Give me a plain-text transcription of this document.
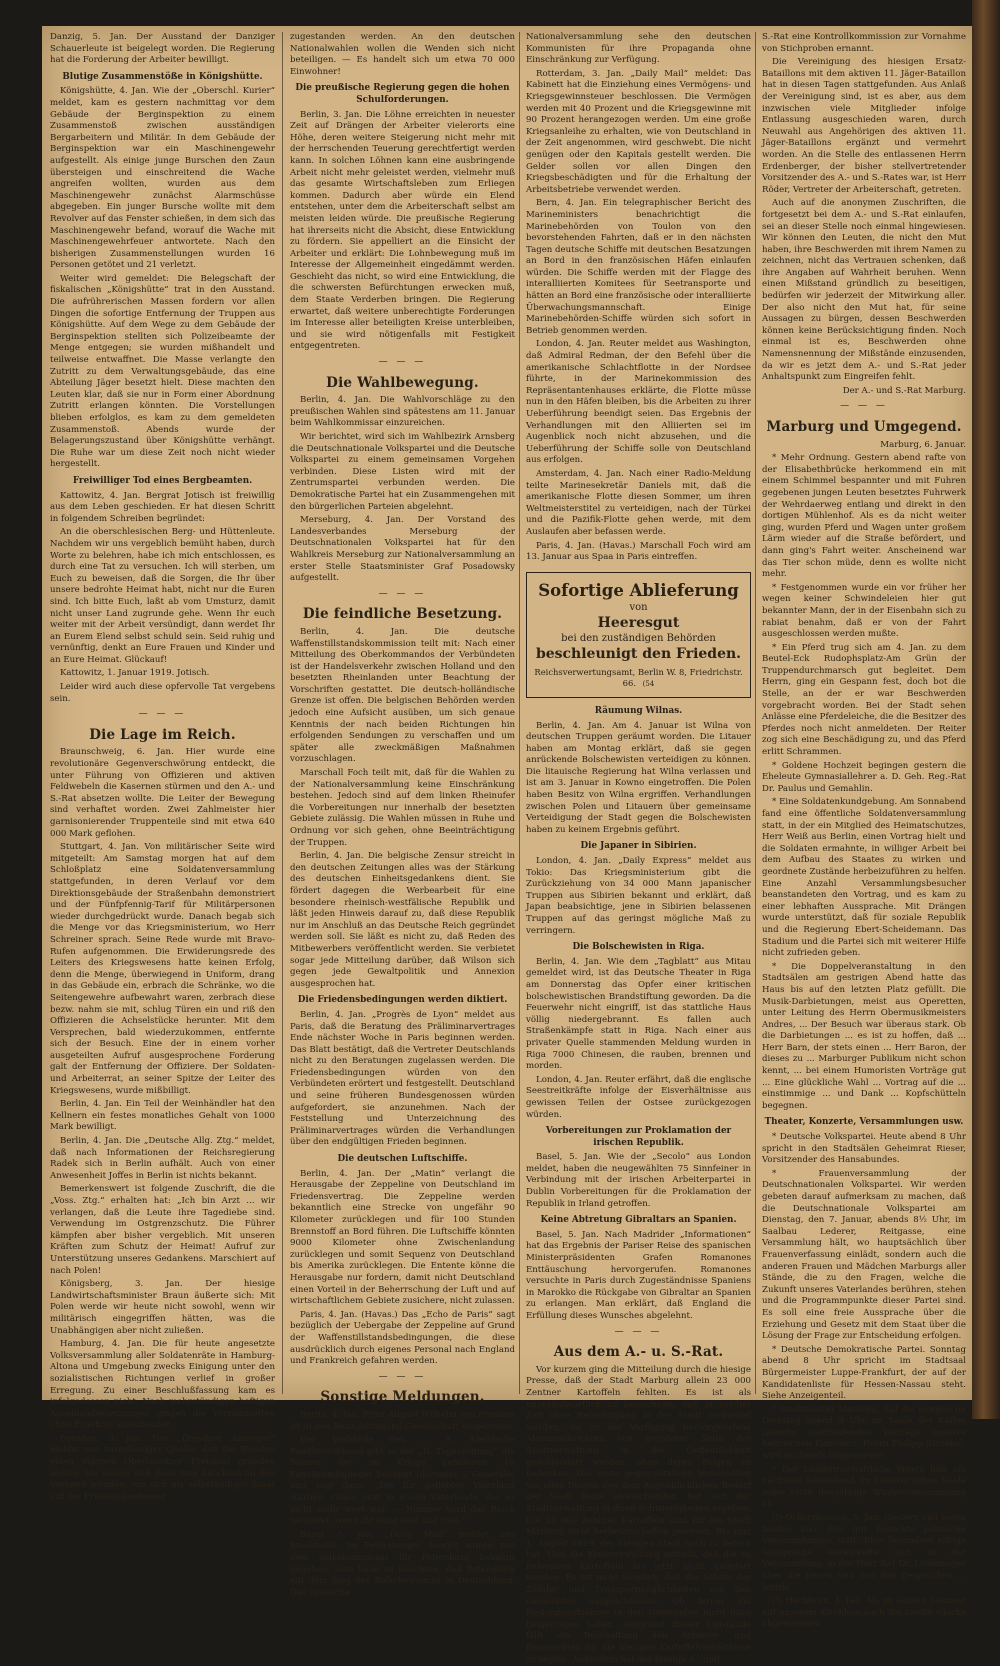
Danzig, 5. Jan. Der Ausstand der Danziger Schauerleute ist beigelegt worden. Die Regierung hat die Forderung der Arbeiter bewilligt.

Blutige Zusammenstöße in Königshütte.

Königshütte, 4. Jan. Wie der „Oberschl. Kurier“ meldet, kam es gestern nachmittag vor dem Gebäude der Berginspektion zu einem Zusammenstoß zwischen ausständigen Bergarbeitern und Militär. In dem Gebäude der Berginspektion war ein Maschinengewehr aufgestellt. Als einige junge Burschen den Zaun übersteigen und einschreitend die Wache angreifen wollten, wurden aus dem Maschinengewehr zunächst Alarmschüsse abgegeben. Ein junger Bursche wollte mit dem Revolver auf das Fenster schießen, in dem sich das Maschinengewehr befand, worauf die Wache mit Maschinengewehrfeuer antwortete. Nach den bisherigen Zusammenstellungen wurden 16 Personen getötet und 21 verletzt.

Weiter wird gemeldet: Die Belegschaft der fiskalischen „Königshütte“ trat in den Ausstand. Die aufrührerischen Massen fordern vor allen Dingen die sofortige Entfernung der Truppen aus Königshütte. Auf dem Wege zu dem Gebäude der Berginspektion stellten sich Polizeibeamte der Menge entgegen; sie wurden mißhandelt und teilweise entwaffnet. Die Masse verlangte den Zutritt zu dem Verwaltungsgebäude, das eine Abteilung Jäger besetzt hielt. Diese machten den Leuten klar, daß sie nur in Form einer Abordnung Zutritt erlangen könnten. Die Vorstellungen blieben erfolglos, es kam zu dem gemeldeten Zusammenstoß. Abends wurde der Belagerungszustand über Königshütte verhängt. Die Ruhe war um diese Zeit noch nicht wieder hergestellt.

Freiwilliger Tod eines Bergbeamten.

Kattowitz, 4. Jan. Bergrat Jotisch ist freiwillig aus dem Leben geschieden. Er hat diesen Schritt in folgendem Schreiben begründet:

An die oberschlesischen Berg- und Hüttenleute. Nachdem wir uns vergeblich bemüht haben, durch Worte zu belehren, habe ich mich entschlossen, es durch eine Tat zu versuchen. Ich will sterben, um Euch zu beweisen, daß die Sorgen, die Ihr über unsere bedrohte Heimat habt, nicht nur die Euren sind. Ich bitte Euch, laßt ab vom Umsturz, damit nicht unser Land zugrunde gehe. Wenn Ihr euch weiter mit der Arbeit versündigt, dann werdet Ihr an Eurem Elend selbst schuld sein. Seid ruhig und vernünftig, denkt an Eure Frauen und Kinder und an Eure Heimat. Glückauf!

Kattowitz, 1. Januar 1919. Jotisch.

Leider wird auch diese opfervolle Tat vergebens sein.

— — —
Die Lage im Reich.

Braunschweig, 6. Jan. Hier wurde eine revolutionäre Gegenverschwörung entdeckt, die unter Führung von Offizieren und aktiven Feldwebeln die Kasernen stürmen und den A.- und S.-Rat absetzen wollte. Die Leiter der Bewegung sind verhaftet worden. Zwei Zahlmeister hier garnisonierender Truppenteile sind mit etwa 640 000 Mark geflohen.

Stuttgart, 4. Jan. Von militärischer Seite wird mitgeteilt: Am Samstag morgen hat auf dem Schloßplatz eine Soldatenversammlung stattgefunden, in deren Verlauf vor dem Direktionsgebäude der Straßenbahn demonstriert und der Fünfpfennig-Tarif für Militärpersonen wieder durchgedrückt wurde. Danach begab sich die Menge vor das Kriegsministerium, wo Herr Schreiner sprach. Seine Rede wurde mit Bravo-Rufen aufgenommen. Die Erwiderungsrede des Leiters des Kriegswesens hatte keinen Erfolg, denn die Menge, überwiegend in Uniform, drang in das Gebäude ein, erbrach die Schränke, wo die Seitengewehre aufbewahrt waren, zerbrach diese bezw. nahm sie mit, schlug Türen ein und riß den Offizieren die Achselstücke herunter. Mit dem Versprechen, bald wiederzukommen, entfernte sich der Besuch. Eine der in einem vorher ausgeteilten Aufruf ausgesprochene Forderung galt der Entfernung der Offiziere. Der Soldaten- und Arbeiterrat, an seiner Spitze der Leiter des Kriegswesens, wurde mißbilligt.

Berlin, 4. Jan. Ein Teil der Weinhändler hat den Kellnern ein festes monatliches Gehalt von 1000 Mark bewilligt.

Berlin, 4. Jan. Die „Deutsche Allg. Ztg.“ meldet, daß nach Informationen der Reichsregierung Radek sich in Berlin aufhält. Auch von einer Anwesenheit Joffes in Berlin ist nichts bekannt.

Bemerkenswert ist folgende Zuschrift, die die „Voss. Ztg.“ erhalten hat: „Ich bin Arzt ... wir verlangen, daß die Leute ihre Tagediebe sind. Verwendung im Ostgrenzschutz. Die Führer kämpfen aber bisher vergeblich. Mit unseren Kräften zum Schutz der Heimat! Aufruf zur Unterstützung unseres Gedankens. Marschiert auf nach Polen!

Königsberg, 3. Jan. Der hiesige Landwirtschaftsminister Braun äußerte sich: Mit Polen werde wir heute nicht sowohl, wenn wir militärisch eingegriffen hätten, was die Unabhängigen aber nicht zuließen.

Hamburg, 4. Jan. Die für heute angesetzte Volksversammlung aller Soldatenräte in Hamburg-Altona und Umgebung zwecks Einigung unter den sozialistischen Richtungen verlief in großer Erregung. Zu einer Beschlußfassung kam es infolgedessen nicht. Nach mehrstündigen heftigen Auseinandersetzungen gingen die Versammelten ohne Ergebnis auseinander.

Dresden, 3. Jan. Der „Dresdner Anzeiger“ meldet aus zuverlässiger Quelle, daß die Wenden einen eigenen Oberlausitzer Freistaat gründen wollen. Sie wollen sich dann zum Anschluß an den Verband wenden, um sich als selbständiger Staat auf der Friedenskonferenz

zugestanden werden. An den deutschen Nationalwahlen wollen die Wenden sich nicht beteiligen. — Es handelt sich um etwa 70 000 Einwohner!

Die preußische Regierung gegen die hohen Schulforderungen.

Berlin, 3. Jan. Die Löhne erreichten in neuester Zeit auf Drängen der Arbeiter vielerorts eine Höhe, deren weitere Steigerung nicht mehr mit der herrschenden Teuerung gerechtfertigt werden kann. In solchen Löhnen kann eine ausbringende Arbeit nicht mehr geleistet werden, vielmehr muß das gesamte Wirtschaftsleben zum Erliegen kommen. Dadurch aber würde ein Elend entstehen, unter dem die Arbeiterschaft selbst am meisten leiden würde. Die preußische Regierung hat ihrerseits nicht die Absicht, diese Entwicklung zu fördern. Sie appelliert an die Einsicht der Arbeiter und erklärt: Die Lohnbewegung muß im Interesse der Allgemeinheit eingedämmt werden. Geschieht das nicht, so wird eine Entwicklung, die die schwersten Befürchtungen erwecken muß, dem Staate Verderben bringen. Die Regierung erwartet, daß weitere unberechtigte Forderungen im Interesse aller beteiligten Kreise unterbleiben, und sie wird nötigenfalls mit Festigkeit entgegentreten.

— — —
Die Wahlbewegung.

Berlin, 4. Jan. Die Wahlvorschläge zu den preußischen Wahlen sind spätestens am 11. Januar beim Wahlkommissar einzureichen.

Wir berichtet, wird sich im Wahlbezirk Arnsberg die Deutschnationale Volkspartei und die Deutsche Volkspartei zu einem gemeinsamen Vorgehen verbinden. Diese Listen wird mit der Zentrumspartei verbunden werden. Die Demokratische Partei hat ein Zusammengehen mit den bürgerlichen Parteien abgelehnt.

Merseburg, 4. Jan. Der Vorstand des Landesverbandes Merseburg der Deutschnationalen Volkspartei hat für den Wahlkreis Merseburg zur Nationalversammlung an erster Stelle Staatsminister Graf Posadowsky aufgestellt.

— — —
Die feindliche Besetzung.

Berlin, 4. Jan. Die deutsche Waffenstillstandskommission teilt mit: Nach einer Mitteilung des Oberkommandos der Verbündeten ist der Handelsverkehr zwischen Holland und den besetzten Rheinlanden unter Beachtung der Vorschriften gestattet. Die deutsch-holländische Grenze ist offen. Die belgischen Behörden werden jedoch eine Aufsicht ausüben, um sich genaue Kenntnis der nach beiden Richtungen hin erfolgenden Sendungen zu verschaffen und um später alle zweckmäßigen Maßnahmen vorzuschlagen.

Marschall Foch teilt mit, daß für die Wahlen zu der Nationalversammlung keine Einschränkung bestehen. Jedoch sind auf dem linken Rheinufer die Vorbereitungen nur innerhalb der besetzten Gebiete zulässig. Die Wahlen müssen in Ruhe und Ordnung vor sich gehen, ohne Beeinträchtigung der Truppen.

Berlin, 4. Jan. Die belgische Zensur streicht in den deutschen Zeitungen alles was der Stärkung des deutschen Einheitsgedankens dient. Sie fördert dagegen die Werbearbeit für eine besondere rheinisch-westfälische Republik und läßt jeden Hinweis darauf zu, daß diese Republik nur im Anschluß an das Deutsche Reich gegründet werden soll. Sie läßt es nicht zu, daß Reden des Mitbewerbers veröffentlicht werden. Sie verbietet sogar jede Mitteilung darüber, daß Wilson sich gegen jede Gewaltpolitik und Annexion ausgesprochen hat.

Die Friedensbedingungen werden diktiert.

Berlin, 4. Jan. „Progrès de Lyon“ meldet aus Paris, daß die Beratung des Präliminarvertrages Ende nächster Woche in Paris beginnen werden. Das Blatt bestätigt, daß die Vertreter Deutschlands nicht zu den Beratungen zugelassen werden. Die Friedensbedingungen würden von den Verbündeten erörtert und festgestellt. Deutschland und seine früheren Bundesgenossen würden aufgefordert, sie anzunehmen. Nach der Feststellung und Unterzeichnung des Präliminarvertrages würden die Verhandlungen über den endgültigen Frieden beginnen.

Die deutschen Luftschiffe.

Berlin, 4. Jan. Der „Matin“ verlangt die Herausgabe der Zeppeline von Deutschland im Friedensvertrag. Die Zeppeline werden bekanntlich eine Strecke von ungefähr 90 Kilometer zurücklegen und für 100 Stunden Brennstoff an Bord führen. Die Luftschiffe könnten 9000 Kilometer ohne Zwischenlandung zurücklegen und somit Sequenz von Deutschland bis Amerika zurücklegen. Die Entente könne die Herausgabe nur fordern, damit nicht Deutschland einen Vorteil in der Beherrschung der Luft und auf wirtschaftlichem Gebiete zusichere, nicht zulassen.

Paris, 4. Jan. (Havas.) Das „Echo de Paris“ sagt bezüglich der Uebergabe der Zeppeline auf Grund der Waffenstillstandsbedingungen, die diese ausdrücklich durch eigenes Personal nach England und Frankreich gefahren werden.

— — —
Sonstige Meldungen.

Berlin, 4. Jan. Prinz August Wilhelm von Preußen ist in den Benz-Automobil-Gesellschaft eingetreten.

Der Verbände des ... A. Kleistsche Familienverband gibt in der „D. Tageszeitung“ die Namen der im Kriege gefallenen 16 Familienmitglieder bekannt (darunter 2 Generäle) und sagt dazu: „Die für geliebtes Vaterland starben, ruhen jetzt in einem Vaterlande, das es nicht mehr wert war. — Nimmer wird das Reich zerstöret, wenn ihr einig seid und treu.“

Basel, 5. Jan. „Daily Mail“ meldet aus Stockholm: Im Petersburger Sowjet wurde von dem Volkskommissar für Petersburg bekannt gegeben, man habe zu beachten, daß Petersburg mit dem Sieg des Bolschewismus in Deutschland. Das russische

Nationalversammlung sehe den deutschen Kommunisten für ihre Propaganda ohne Einschränkung zur Verfügung.

Rotterdam, 3. Jan. „Daily Mail“ meldet: Das Kabinett hat die Einziehung eines Vermögens- und Kriegsgewinnsteuer beschlossen. Die Vermögen werden mit 40 Prozent und die Kriegsgewinne mit 90 Prozent herangezogen werden. Um eine große Kriegsanleihe zu erhalten, wie von Deutschland in der Zeit angenommen, wird geschwebt. Die nicht genügen oder den Kapitals gestellt werden. Die Gelder sollen vor allen Dingen den Kriegsbeschädigten und für die Erhaltung der Arbeitsbetriebe verwendet werden.

Bern, 4. Jan. Ein telegraphischer Bericht des Marineministers benachrichtigt die Marinebehörden von Toulon von den bevorstehenden Fahrten, daß er in den nächsten Tagen deutsche Schiffe mit deutschen Besatzungen an Bord in den französischen Häfen einlaufen würden. Die Schiffe werden mit der Flagge des interalliierten Komitees für Seetransporte und hätten an Bord eine französische oder interalliierte Überwachungsmannschaft. Einige Marinebehörden-Schiffe würden sich sofort in Betrieb genommen werden.

London, 4. Jan. Reuter meldet aus Washington, daß Admiral Redman, der den Befehl über die amerikanische Schlachtflotte in der Nordsee führte, in der Marinekommission des Repräsentantenhauses erklärte, die Flotte müsse nun in den Häfen bleiben, bis die Arbeiten zu ihrer Ueberführung beendigt seien. Das Ergebnis der Verhandlungen mit den Alliierten sei im Augenblick noch nicht abzusehen, und die Ueberführung der Schiffe solle von Deutschland aus erfolgen.

Amsterdam, 4. Jan. Nach einer Radio-Meldung teilte Marinesekretär Daniels mit, daß die amerikanische Flotte diesen Sommer, um ihren Weltmeisterstitel zu verteidigen, nach der Türkei und die Pazifik-Flotte gehen werde, mit dem Auslaufen aber befassen werde.

Paris, 4. Jan. (Havas.) Marschall Foch wird am 13. Januar aus Spaa in Paris eintreffen.

Sofortige Ablieferung
von
Heeresgut
bei den zuständigen Behörden
beschleunigt den Frieden.
Reichsverwertungsamt, Berlin W. 8, Friedrichstr. 66. (54
Räumung Wilnas.

Berlin, 4. Jan. Am 4. Januar ist Wilna von deutschen Truppen geräumt worden. Die Litauer haben am Montag erklärt, daß sie gegen anrückende Bolschewisten verteidigen zu können. Die litauische Regierung hat Wilna verlassen und ist am 3. Januar in Kowno eingetroffen. Die Polen haben Besitz von Wilna ergriffen. Verhandlungen zwischen Polen und Litauern über gemeinsame Verteidigung der Stadt gegen die Bolschewisten haben zu keinem Ergebnis geführt.

Die Japaner in Sibirien.

London, 4. Jan. „Daily Express“ meldet aus Tokio: Das Kriegsministerium gibt die Zurückziehung von 34 000 Mann japanischer Truppen aus Sibirien bekannt und erklärt, daß Japan beabsichtige, jene in Sibirien belassenen Truppen auf das geringst mögliche Maß zu verringern.

Die Bolschewisten in Riga.

Berlin, 4. Jan. Wie dem „Tagblatt“ aus Mitau gemeldet wird, ist das Deutsche Theater in Riga am Donnerstag das Opfer einer kritischen bolschewistischen Brandstiftung geworden. Da die Feuerwehr nicht eingriff, ist das stattliche Haus völlig niedergebrannt. Es fallen auch Straßenkämpfe statt in Riga. Nach einer aus privater Quelle stammenden Meldung wurden in Riga 7000 Chinesen, die rauben, brennen und morden.

London, 4. Jan. Reuter erfährt, daß die englische Seestreitkräfte infolge der Eisverhältnisse aus gewissen Teilen der Ostsee zurückgezogen würden.

Vorbereitungen zur Proklamation der irischen Republik.

Basel, 5. Jan. Wie der „Secolo“ aus London meldet, haben die neugewählten 75 Sinnfeiner in Verbindung mit der irischen Arbeiterpartei in Dublin Vorbereitungen für die Proklamation der Republik in Irland getroffen.

Keine Abtretung Gibraltars an Spanien.

Basel, 5. Jan. Nach Madrider „Informationen“ hat das Ergebnis der Pariser Reise des spanischen Ministerpräsidenten Grafen Romanones Enttäuschung hervorgerufen. Romanones versuchte in Paris durch Zugeständnisse Spaniens in Marokko die Rückgabe von Gibraltar an Spanien zu erlangen. Man erklärt, daß England die Erfüllung dieses Wunsches abgelehnt.

— — —
Aus dem A.- u. S.-Rat.

Vor kurzem ging die Mitteilung durch die hiesige Presse, daß der Stadt Marburg allein 23 000 Zentner Kartoffeln fehlten. Es ist als unverantwortlich zu bezeichnen, daß in solcher Zeit ohne Berechtigung in der Stadt verbreitet werden, die zu der Verfügung hervorgerufene Alarmnachrichten von berufener Seite der Stadtverwaltung in die Oeffentlichkeit geschleudert werden, ohne deren Folgen zu bedenken. Das erste gegen-sätzliche Verschulden vor allen Dingen den dem Augenblicklichen Bedarf der Stadt keine abweichenden, hat sich der Stadtverwaltung in ihren Schwierigkeiten ergeben. Die 23 000 Zentner Kartoffeln sind für die Stadt Marburg nicht herbeizuschaffen gewesen. Bis zum 1. August 1919, der hiesigen Stadt noch zu liefern hat. Und die Kreisverwaltung mitteilt, daß die zu liefernden Kartoffeln bis jetzt nicht geliefert werden. Es ist nicht möglich, daß die Städte der Zufuhr- und Transportmöglichkeiten von den Gemeinden ausgeschlossen. Ob ferner die Bestandsaufnahme in den Gemeinden nicht dazu beigetragen haben. Aufgrund dieser Umstände fällt die Beschaffung den Arbeiter- und Bauernräten zu, die hiesigen Kartoffelverhältnisse zu regeln. Außerdem hat der hiesige A.- und

S.-Rat eine Kontrollkommission zur Vornahme von Stichproben ernannt.

Die Vereinigung des hiesigen Ersatz-Bataillons mit dem aktiven 11. Jäger-Bataillon hat in diesen Tagen stattgefunden. Aus Anlaß der Vereinigung sind, ist es aber, aus dem inzwischen viele Mitglieder infolge Entlassung ausgeschieden waren, durch Neuwahl aus Angehörigen des aktiven 11. Jäger-Bataillons ergänzt und vermehrt worden. An die Stelle des entlassenen Herrn Erdenberger, der bisher stellvertretender Vorsitzender des A.- und S.-Rates war, ist Herr Röder, Vertreter der Arbeiterschaft, getreten.

Auch auf die anonymen Zuschriften, die fortgesetzt bei dem A.- und S.-Rat einlaufen, sei an dieser Stelle noch einmal hingewiesen. Wir können den Leuten, die nicht den Mut haben, ihre Beschwerden mit ihrem Namen zu zeichnen, nicht das Vertrauen schenken, daß ihre Angaben auf Wahrheit beruhen. Wenn einen Mißstand gründlich zu beseitigen, bedürfen wir jederzeit der Mitwirkung aller. Der also nicht den Mut hat, für seine Aussagen zu bürgen, dessen Beschwerden können keine Berücksichtigung finden. Noch einmal ist es, Beschwerden ohne Namensnennung der Mißstände einzusenden, da wir es jetzt dem A.- und S.-Rat jeder Anhaltspunkt zum Eingreifen fehlt.

Der A.- und S.-Rat Marburg.

— — —
Marburg und Umgegend.

Marburg, 6. Januar.

* Mehr Ordnung. Gestern abend rafte von der Elisabethbrücke herkommend ein mit einem Schimmel bespannter und mit Fuhren gegebenen jungen Leuten besetztes Fuhrwerk der Wehrdaerweg entlang und direkt in den dortigen Mühlenhof. Als es da nicht weiter ging, wurden Pferd und Wagen unter großem Lärm wieder auf die Straße befördert, und dann ging's Fahrt weiter. Anscheinend war das Tier schon müde, denn es wollte nicht mehr.

* Festgenommen wurde ein vor früher her wegen keiner Schwindeleien hier gut bekannter Mann, der in der Eisenbahn sich zu rabiat benahm, daß er von der Fahrt ausgeschlossen werden mußte.

* Ein Pferd trug sich am 4. Jan. zu dem Beutel-Eck Rudophsplatz-Am Grün der Truppendurchmarsch gut begleitet. Dem Herrn, ging ein Gespann fest, doch bot die Stelle, an der er war Beschwerden vorgebracht worden. Bei der Stadt sehen Anlässe eine Pferdeleiche, die die Besitzer des Pferdes noch nicht anmeldeten. Der Reiter zog sich eine Beschädigung zu, und das Pferd erlitt Schrammen.

* Goldene Hochzeit begingen gestern die Eheleute Gymnasiallehrer a. D. Geh. Reg.-Rat Dr. Paulus und Gemahlin.

* Eine Soldatenkundgebung. Am Sonnabend fand eine öffentliche Soldatenversammlung statt, in der ein Mitglied des Heimatschutzes, Herr Weiß aus Berlin, einen Vortrag hielt und die Soldaten ermahnte, in williger Arbeit bei dem Aufbau des Staates zu wirken und geordnete Zustände herbeizuführen zu helfen. Eine Anzahl Versammlungsbesucher beanstandeten den Vortrag, und es kam zu einer lebhaften Aussprache. Mit Drängen wurde unterstützt, daß für soziale Republik und die Regierung Ebert-Scheidemann. Das Stadium und die Partei sich mit weiterer Hilfe nicht zufrieden geben.

* Die Doppelveranstaltung in den Stadtsälen am gestrigen Abend hatte das Haus bis auf den letzten Platz gefüllt. Die Musik-Darbietungen, meist aus Operetten, unter Leitung des Herrn Obermusikmeisters Andres, ... Der Besuch war überaus stark. Ob die Darbietungen ... es ist zu hoffen, daß ... Herr Barn, der stets einen ... Herr Baron, der dieses zu ... Marburger Publikum nicht schon kennt, ... bei einem Humoristen Vorträge gut ... Eine glückliche Wahl ... Vortrag auf die ... einstimmige ... und Dank ... Kopfschütteln begegnen.

Theater, Konzerte, Versammlungen usw.

* Deutsche Volkspartei. Heute abend 8 Uhr spricht in den Stadtsälen Geheimrat Rieser, Vorsitzender des Hansabundes.

* Frauenversammlung der Deutschnationalen Volkspartei. Wir werden gebeten darauf aufmerksam zu machen, daß die Deutschnationale Volkspartei am Dienstag, den 7. Januar, abends 8½ Uhr, im Saalbau Lederer, Reitgasse, eine Versammlung hält, wo hauptsächlich über Frauenverfassung einlädt, sondern auch die anderen Frauen und Mädchen Marburgs aller Stände, die zu den Fragen, welche die Zukunft unseres Vaterlandes berühren, stehen und die Programmpunkte dieser Partei sind. Es soll eine freie Aussprache über die Erziehung und Gesetz mit dem Staat über die Lösung der Frage zur Entscheidung erfolgen.

* Deutsche Demokratische Partei. Sonntag abend 8 Uhr spricht im Stadtsaal Bürgermeister Luppe-Frankfurt, der auf der Kandidatenliste für Hessen-Nassau steht. Siehe Anzeigenteil.

* Stadttheater Marburg. Auf die morgen im Dienstag abend 8 Uhr im Saale des Kaffee Quentin stattfindenden Vorträge unseres heimischen Künstlers, Herrn Philipp Stroebel, wird nochmals hingewiesen.

* Der Landwirtschaftliche Verein hält am nächsten Sonnabend im Lederer'schen Saale seine erste diesjährige Wintersversammlung ab.

(!) Ockershausen, 5. Jan. Gestern und heute fanden hier drei gut besuchte politische Versammlungen statt. Eine besonders eifrige Aussprache entwickelte sich in der Versammlung, in der Herr Rat Dr. Lindemeyer über die neuen und von ihm gesprochen ... wurde.

(!) Hachborn, 4. Jan. Als im letzten Sommer auf unserem Kirchlein auch die zweite Glocke abgenommen
